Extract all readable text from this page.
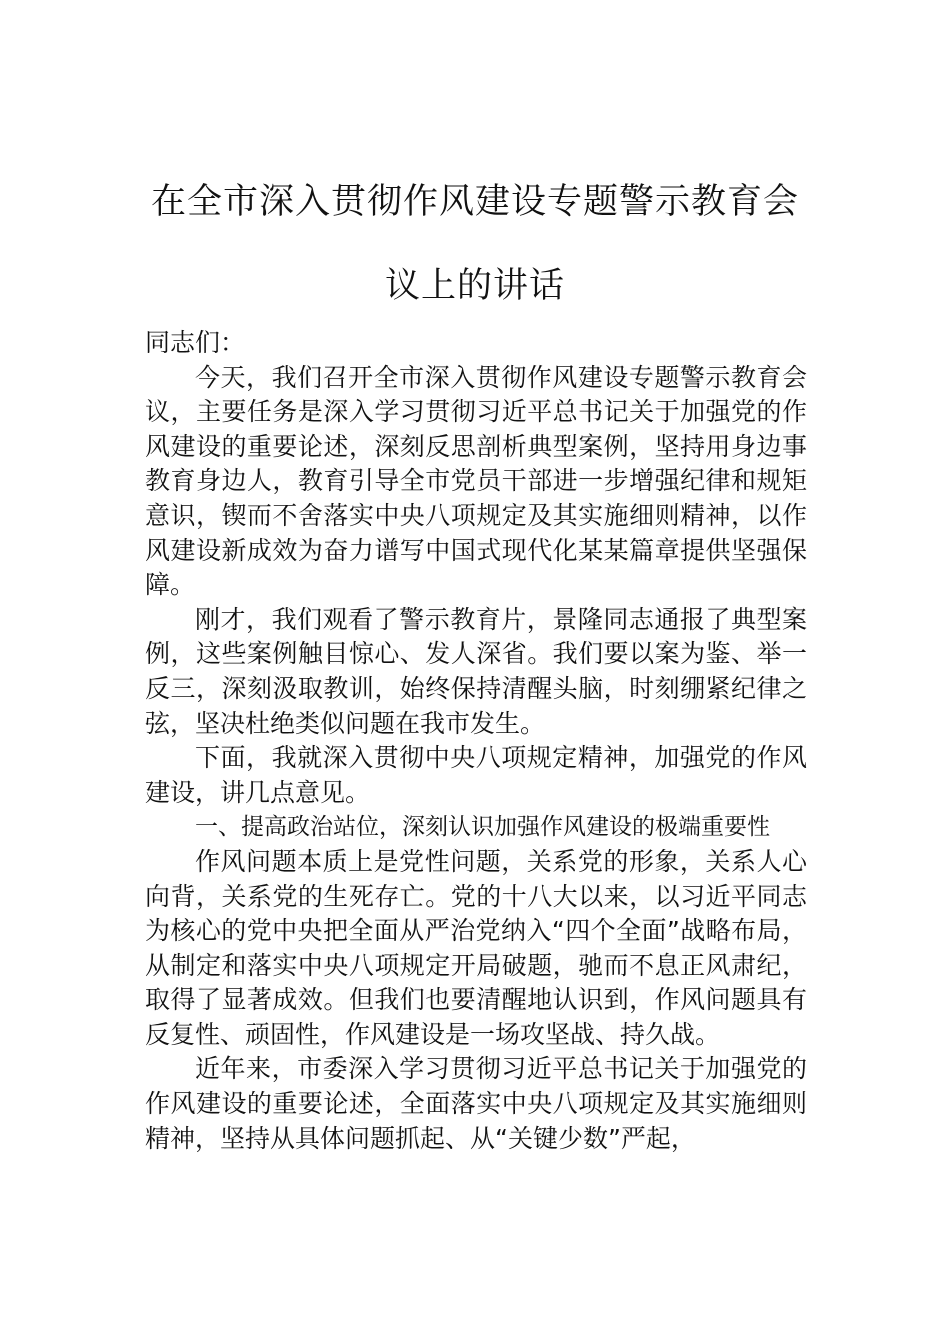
在全市深入贯彻作风建设专题警示教育会议上的讲话

同志们：

今天，我们召开全市深入贯彻作风建设专题警示教育会议，主要任务是深入学习贯彻习近平总书记关于加强党的作风建设的重要论述，深刻反思剖析典型案例，坚持用身边事教育身边人，教育引导全市党员干部进一步增强纪律和规矩意识，锲而不舍落实中央八项规定及其实施细则精神，以作风建设新成效为奋力谱写中国式现代化某某篇章提供坚强保障。

刚才，我们观看了警示教育片，景隆同志通报了典型案例，这些案例触目惊心、发人深省。我们要以案为鉴、举一反三，深刻汲取教训，始终保持清醒头脑，时刻绷紧纪律之弦，坚决杜绝类似问题在我市发生。

下面，我就深入贯彻中央八项规定精神，加强党的作风建设，讲几点意见。

一、提高政治站位，深刻认识加强作风建设的极端重要性

作风问题本质上是党性问题，关系党的形象，关系人心向背，关系党的生死存亡。党的十八大以来，以习近平同志为核心的党中央把全面从严治党纳入“四个全面”战略布局，从制定和落实中央八项规定开局破题，驰而不息正风肃纪，取得了显著成效。但我们也要清醒地认识到，作风问题具有反复性、顽固性，作风建设是一场攻坚战、持久战。

近年来，市委深入学习贯彻习近平总书记关于加强党的作风建设的重要论述，全面落实中央八项规定及其实施细则精神，坚持从具体问题抓起、从“关键少数”严起，
